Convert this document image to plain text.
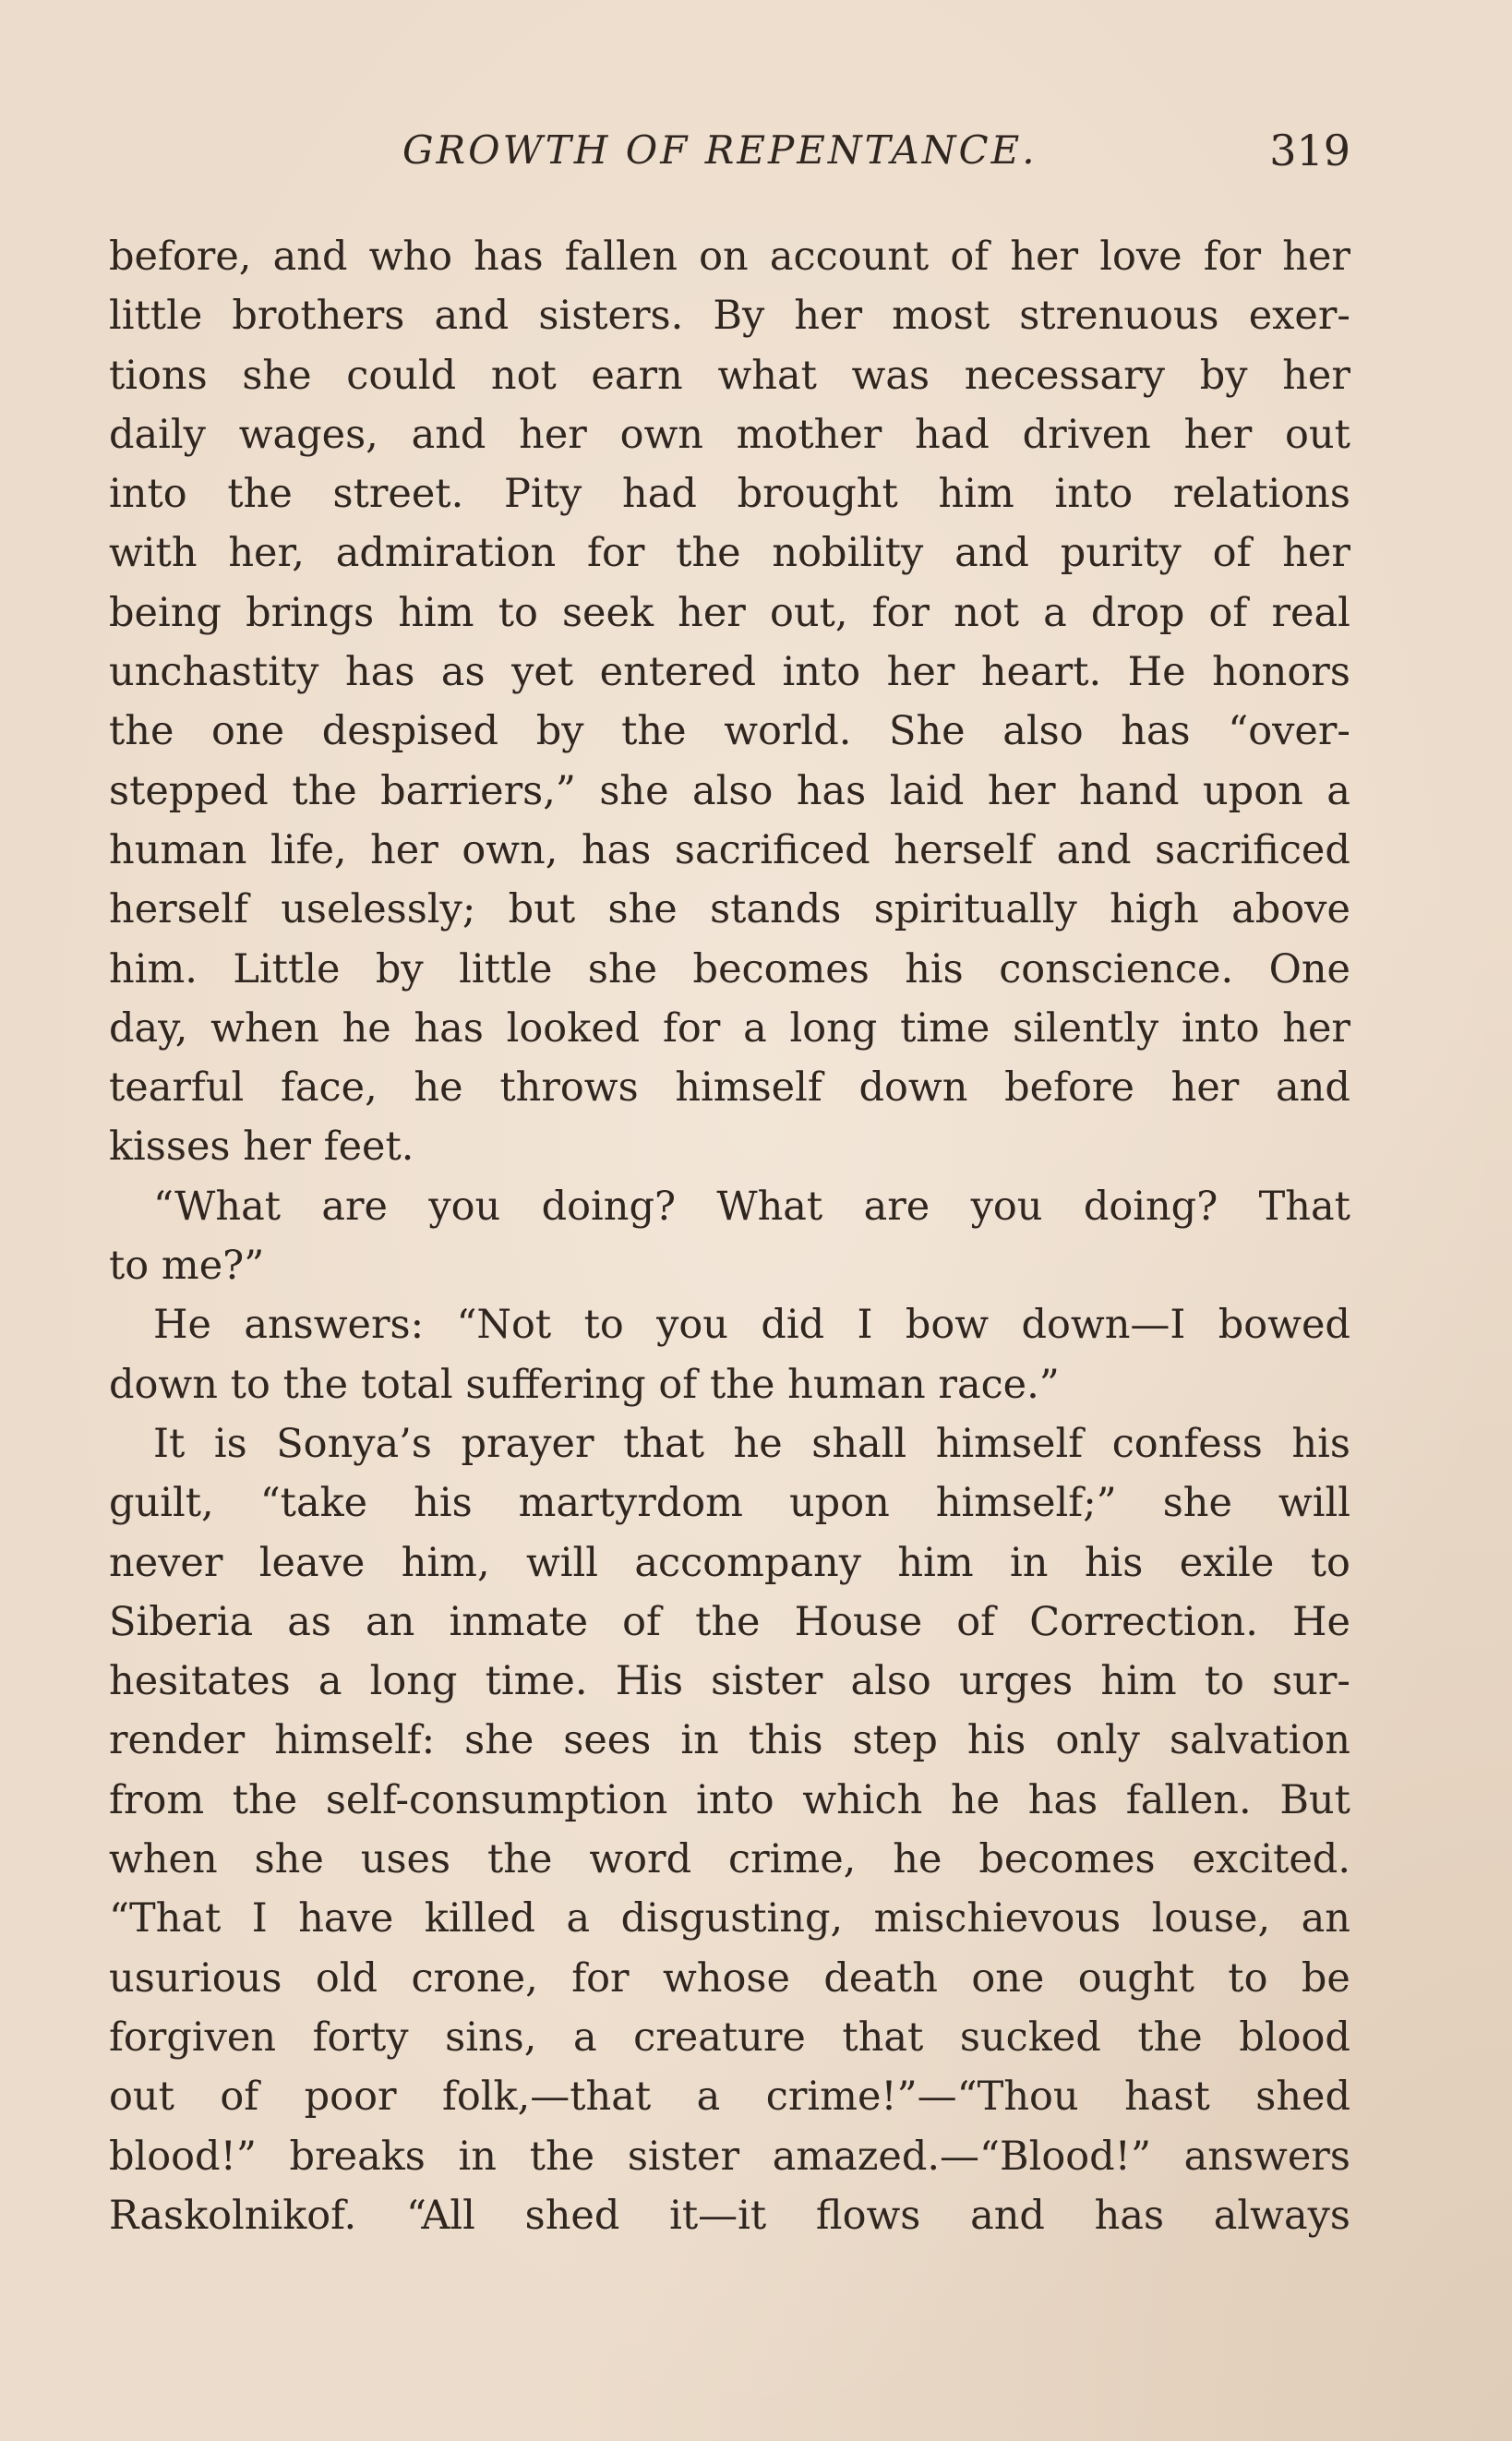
GROWTH OF REPENTANCE.	319
before, and who has fallen on account of her love for her
little brothers and sisters. By her most strenuous exer-
tions she could not earn what was necessary by her
daily wages, and her own mother had driven her out
into the street. Pity had brought him into relations
with her, admiration for the nobility and purity of her
being brings him to seek her out, for not a drop of real
unchastity has as yet entered into her heart. He honors
the one despised by the world. She also has “over-
stepped the barriers,” she also has laid her hand upon a
human life, her own, has sacrificed herself and sacrificed
herself uselessly; but she stands spiritually high above
him. Little by little she becomes his conscience. One
day, when he has looked for a long time silently into her
tearful face, he throws himself down before her and
kisses her feet.
“What are you doing? What are you doing? That
to me?”
He answers: “Not to you did I bow down—I bowed
down to the total suffering of the human race.”
It is Sonya’s prayer that he shall himself confess his
guilt, “take his martyrdom upon himself;” she will
never leave him, will accompany him in his exile to
Siberia as an inmate of the House of Correction. He
hesitates a long time. His sister also urges him to sur-
render himself: she sees in this step his only salvation
from the self-consumption into which he has fallen. But
when she uses the word crime, he becomes excited.
“That I have killed a disgusting, mischievous louse, an
usurious old crone, for whose death one ought to be
forgiven forty sins, a creature that sucked the blood
out of poor folk,—that a crime!”—“Thou hast shed
blood!” breaks in the sister amazed.—“Blood!” answers
Raskolnikof. “All shed it—it flows and has always
